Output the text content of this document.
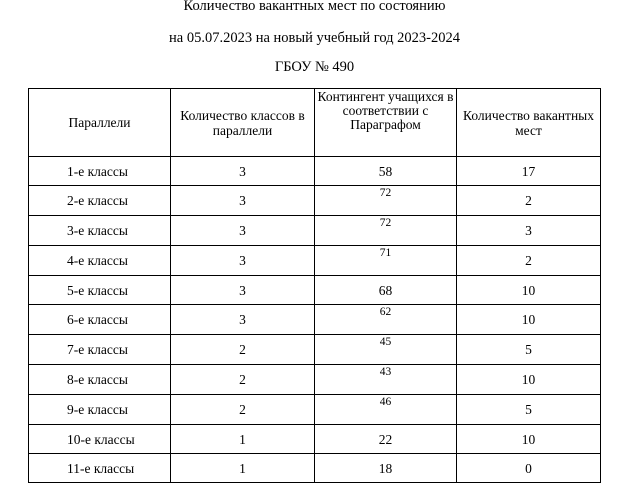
Количество вакантных мест по состоянию
на 05.07.2023 на новый учебный год 2023-2024
ГБОУ № 490
Параллели	Количество классов в параллели	Контингент учащихся в соответствии с Параграфом	Количество вакантных мест
1-е классы	3	58	17
2-е классы	3	72	2
3-е классы	3	72	3
4-е классы	3	71	2
5-е классы	3	68	10
6-е классы	3	62	10
7-е классы	2	45	5
8-е классы	2	43	10
9-е классы	2	46	5
10-е классы	1	22	10
11-е классы	1	18	0
